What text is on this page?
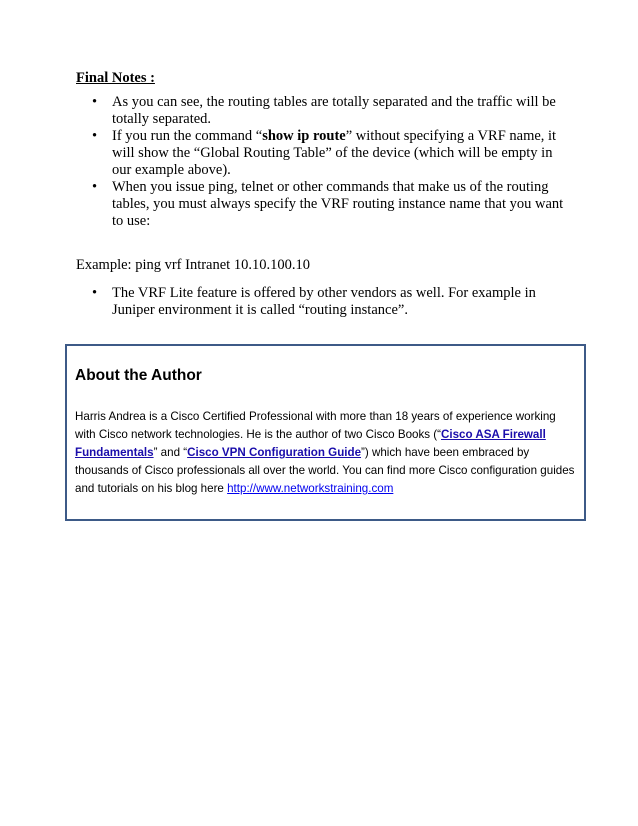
Final Notes :
•	As you can see, the routing tables are totally separated and the traffic will be totally separated.
•	If you run the command “show ip route” without specifying a VRF name, it will show the “Global Routing Table” of the device (which will be empty in our example above).
•	When you issue ping, telnet or other commands that make us of the routing tables, you must always specify the VRF routing instance name that you want to use:
Example: ping vrf Intranet 10.10.100.10
•	The VRF Lite feature is offered by other vendors as well. For example in Juniper environment it is called “routing instance”.
About the Author
Harris Andrea is a Cisco Certified Professional with more than 18 years of experience working with Cisco network technologies. He is the author of two Cisco Books (“Cisco ASA Firewall Fundamentals” and “Cisco VPN Configuration Guide”) which have been embraced by thousands of Cisco professionals all over the world. You can find more Cisco configuration guides and tutorials on his blog here http://www.networkstraining.com
